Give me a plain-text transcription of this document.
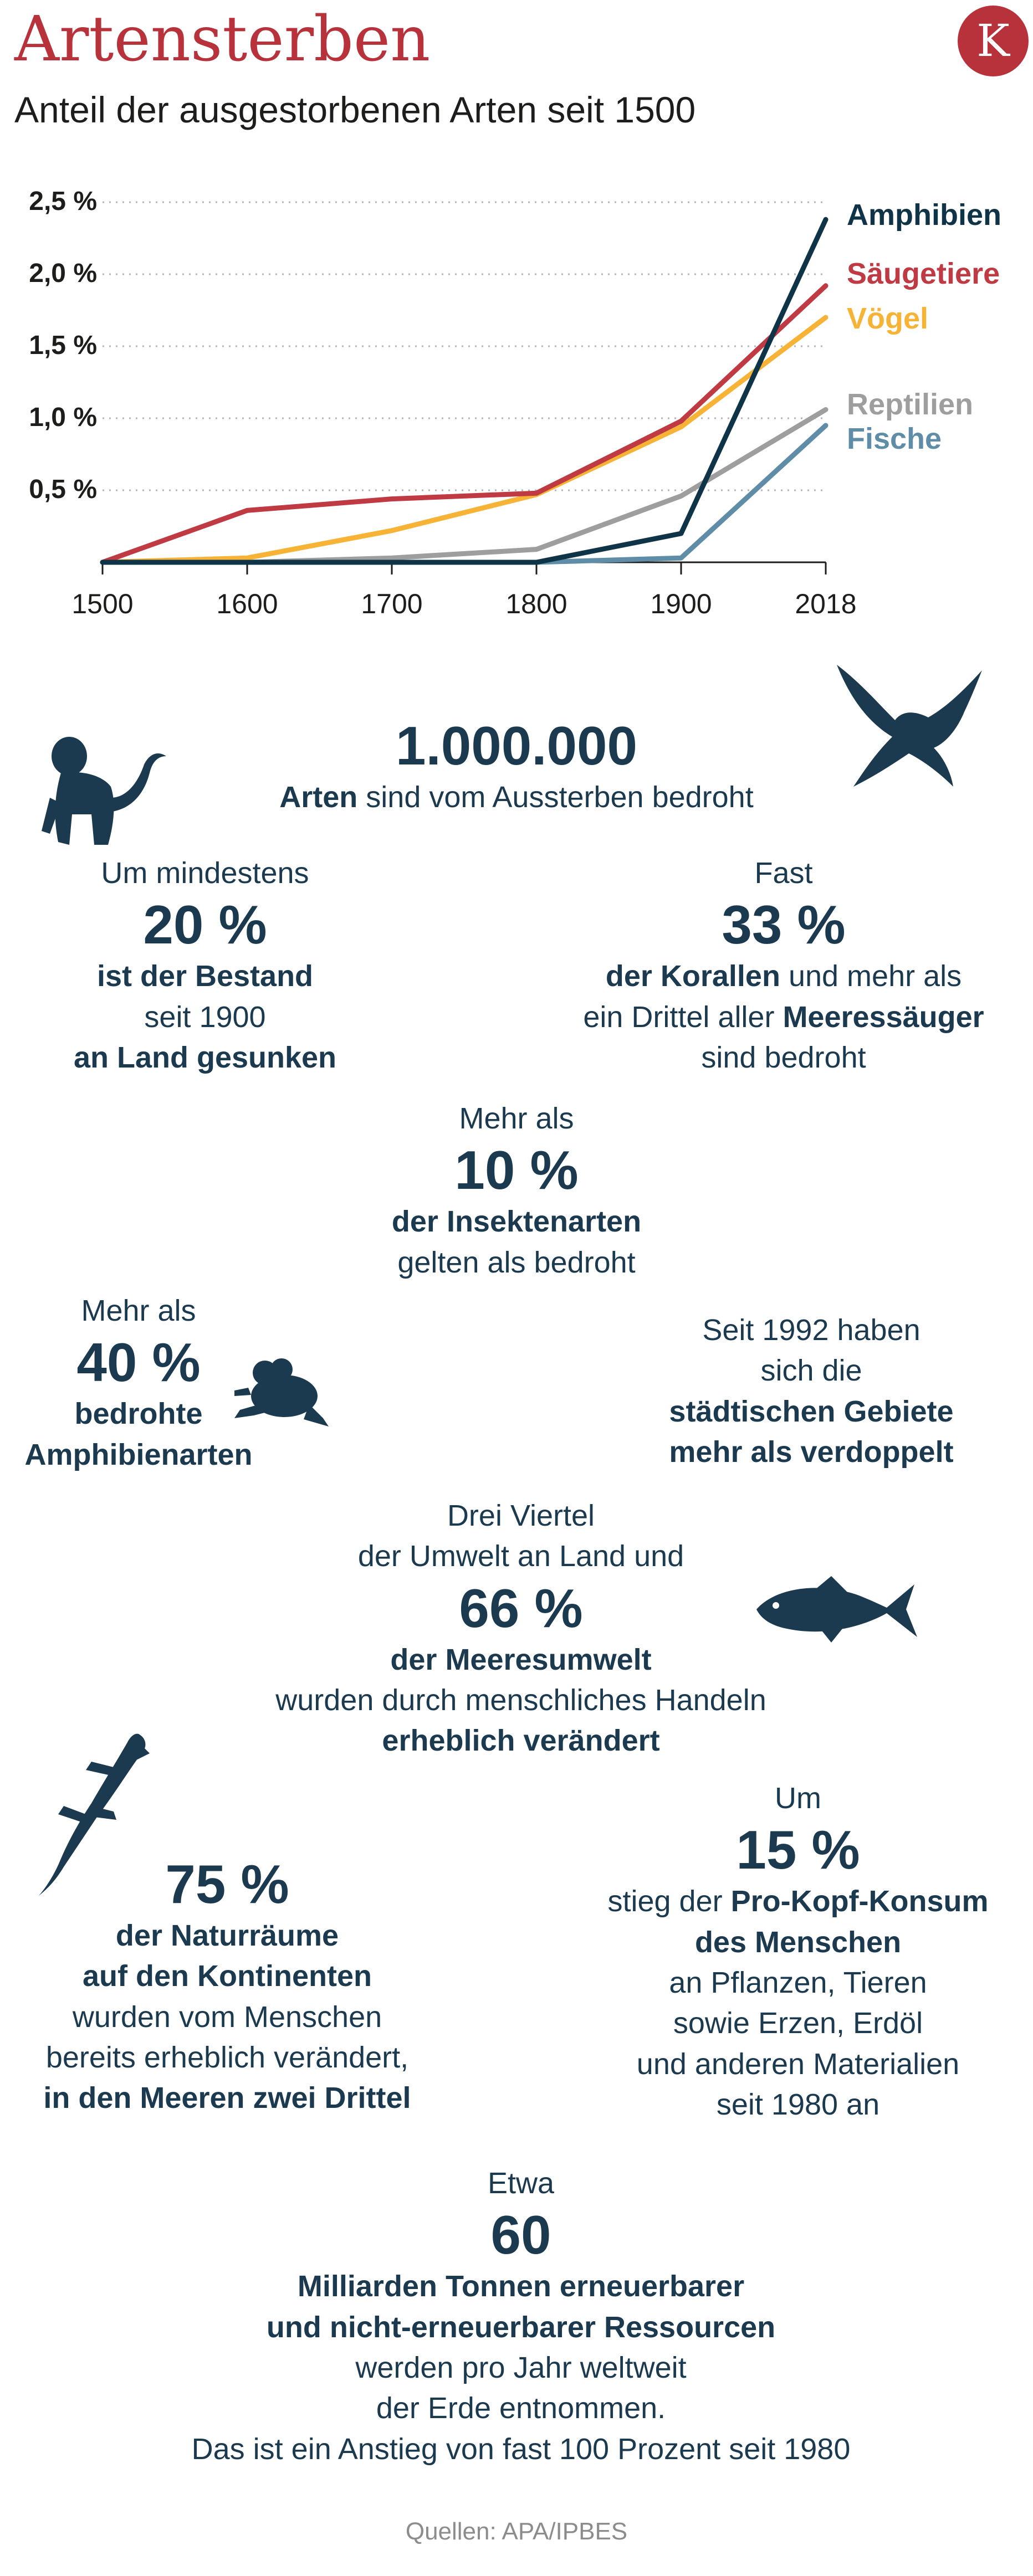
Artensterben
Anteil der ausgestorbenen Arten seit 1500
K
0,5 %
1,0 %
1,5 %
2,0 %
2,5 %
1500	1600	1700	1800	1900	2018
Amphibien
Säugetiere
Vögel
Reptilien
Fische
1.000.000
Arten sind vom Aussterben bedroht
Um mindestens
20 %
ist der Bestand
seit 1900
an Land gesunken
Fast
33 %
der Korallen und mehr als
ein Drittel aller Meeressäuger
sind bedroht
Mehr als
10 %
der Insektenarten
gelten als bedroht
Mehr als
40 %
bedrohte
Amphibienarten
Seit 1992 haben
sich die
städtischen Gebiete
mehr als verdoppelt
Drei Viertel
der Umwelt an Land und
66 %
der Meeresumwelt
wurden durch menschliches Handeln
erheblich verändert
75 %
der Naturräume
auf den Kontinenten
wurden vom Menschen
bereits erheblich verändert,
in den Meeren zwei Drittel
Um
15 %
stieg der Pro-Kopf-Konsum
des Menschen
an Pflanzen, Tieren
sowie Erzen, Erdöl
und anderen Materialien
seit 1980 an
Etwa
60
Milliarden Tonnen erneuerbarer
und nicht-erneuerbarer Ressourcen
werden pro Jahr weltweit
der Erde entnommen.
Das ist ein Anstieg von fast 100 Prozent seit 1980
Quellen: APA/IPBES
